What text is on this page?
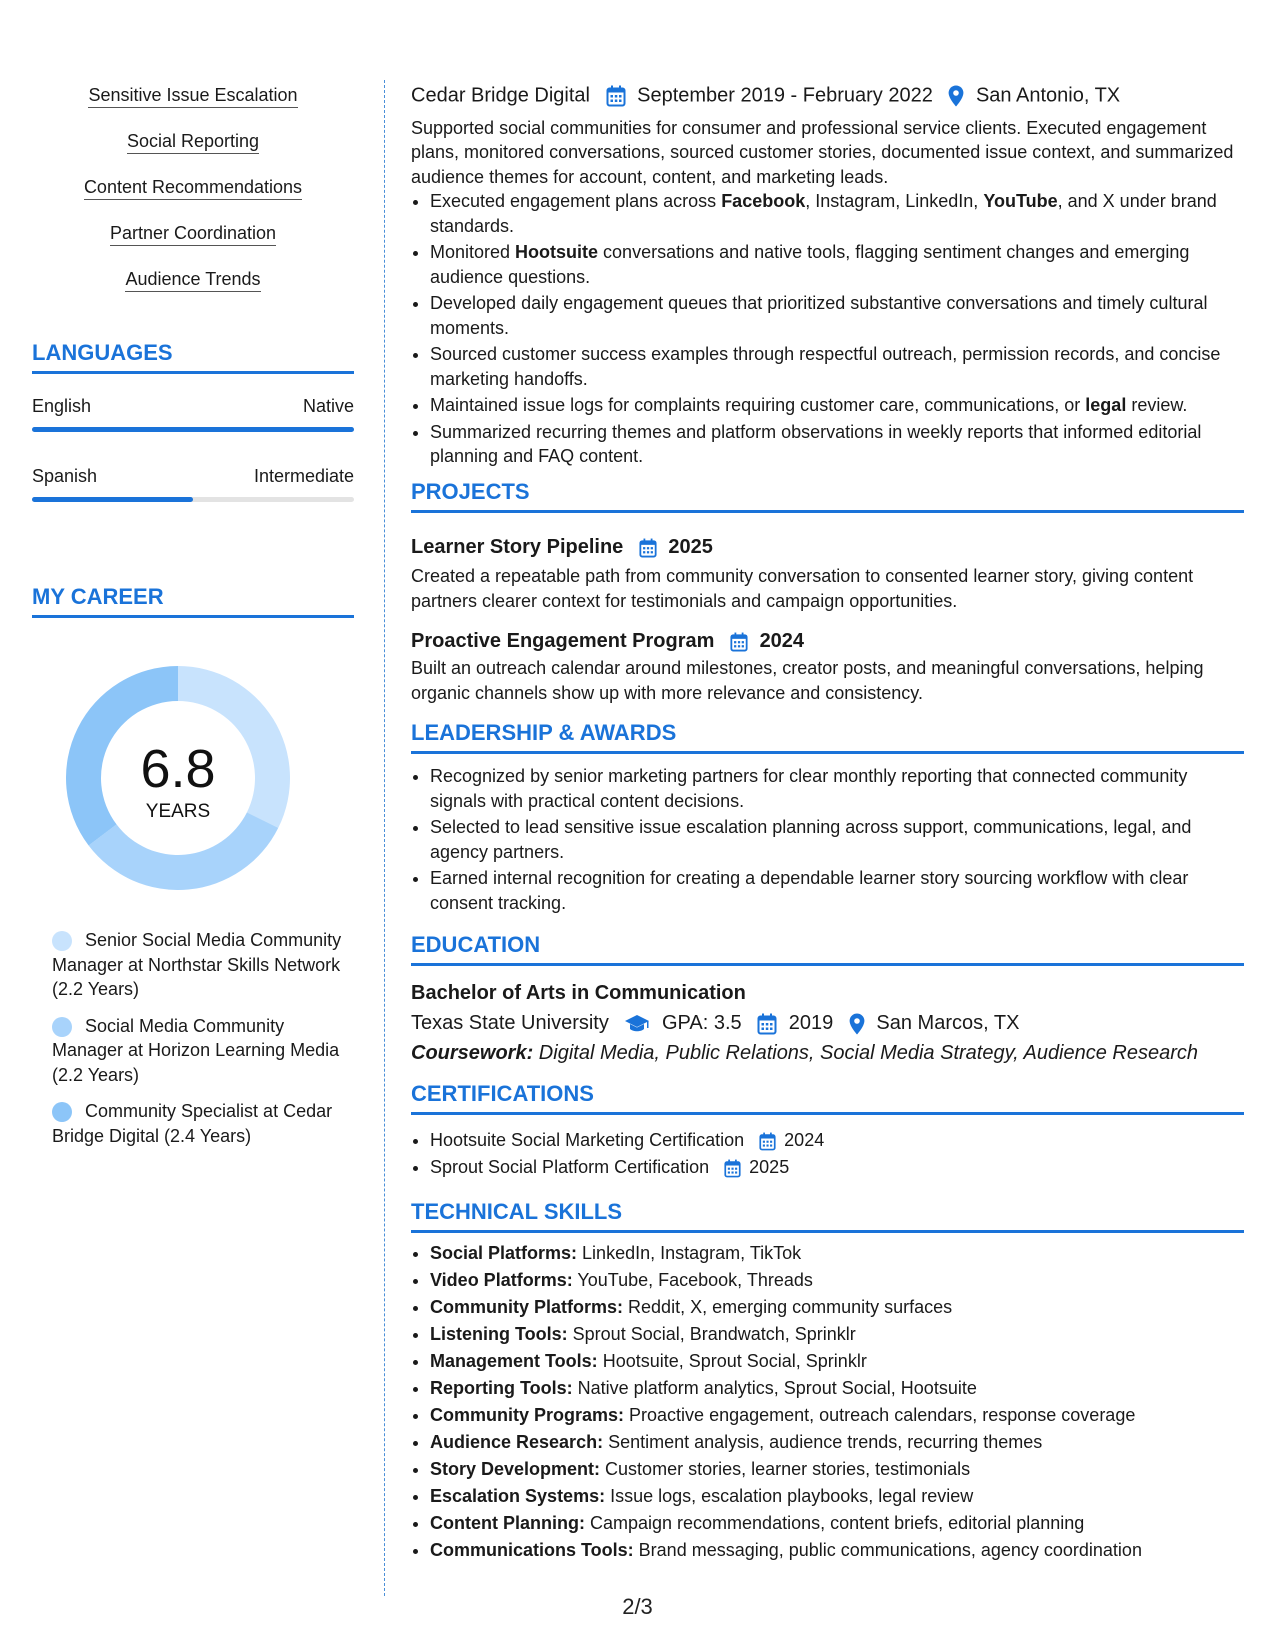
Sensitive Issue Escalation
Social Reporting
Content Recommendations
Partner Coordination
Audience Trends
LANGUAGES
English	Native
Spanish	Intermediate
MY CAREER
6.8
YEARS
Senior Social Media Community Manager at Northstar Skills Network (2.2 Years)
Social Media Community Manager at Horizon Learning Media (2.2 Years)
Community Specialist at Cedar Bridge Digital (2.4 Years)
Cedar Bridge Digital September 2019 - February 2022 San Antonio, TX
Supported social communities for consumer and professional service clients. Executed engagement plans, monitored conversations, sourced customer stories, documented issue context, and summarized audience themes for account, content, and marketing leads.
• Executed engagement plans across Facebook, Instagram, LinkedIn, YouTube, and X under brand standards.
• Monitored Hootsuite conversations and native tools, flagging sentiment changes and emerging audience questions.
• Developed daily engagement queues that prioritized substantive conversations and timely cultural moments.
• Sourced customer success examples through respectful outreach, permission records, and concise marketing handoffs.
• Maintained issue logs for complaints requiring customer care, communications, or legal review.
• Summarized recurring themes and platform observations in weekly reports that informed editorial planning and FAQ content.
PROJECTS
Learner Story Pipeline 2025
Created a repeatable path from community conversation to consented learner story, giving content partners clearer context for testimonials and campaign opportunities.
Proactive Engagement Program 2024
Built an outreach calendar around milestones, creator posts, and meaningful conversations, helping organic channels show up with more relevance and consistency.
LEADERSHIP & AWARDS
• Recognized by senior marketing partners for clear monthly reporting that connected community signals with practical content decisions.
• Selected to lead sensitive issue escalation planning across support, communications, legal, and agency partners.
• Earned internal recognition for creating a dependable learner story sourcing workflow with clear consent tracking.
EDUCATION
Bachelor of Arts in Communication
Texas State University	GPA: 3.5 2019 San Marcos, TX
Coursework: Digital Media, Public Relations, Social Media Strategy, Audience Research
CERTIFICATIONS
• Hootsuite Social Marketing Certification 2024
• Sprout Social Platform Certification 2025
TECHNICAL SKILLS
• Social Platforms: LinkedIn, Instagram, TikTok
• Video Platforms: YouTube, Facebook, Threads
• Community Platforms: Reddit, X, emerging community surfaces
• Listening Tools: Sprout Social, Brandwatch, Sprinklr
• Management Tools: Hootsuite, Sprout Social, Sprinklr
• Reporting Tools: Native platform analytics, Sprout Social, Hootsuite
• Community Programs: Proactive engagement, outreach calendars, response coverage
• Audience Research: Sentiment analysis, audience trends, recurring themes
• Story Development: Customer stories, learner stories, testimonials
• Escalation Systems: Issue logs, escalation playbooks, legal review
• Content Planning: Campaign recommendations, content briefs, editorial planning
• Communications Tools: Brand messaging, public communications, agency coordination
2/3
